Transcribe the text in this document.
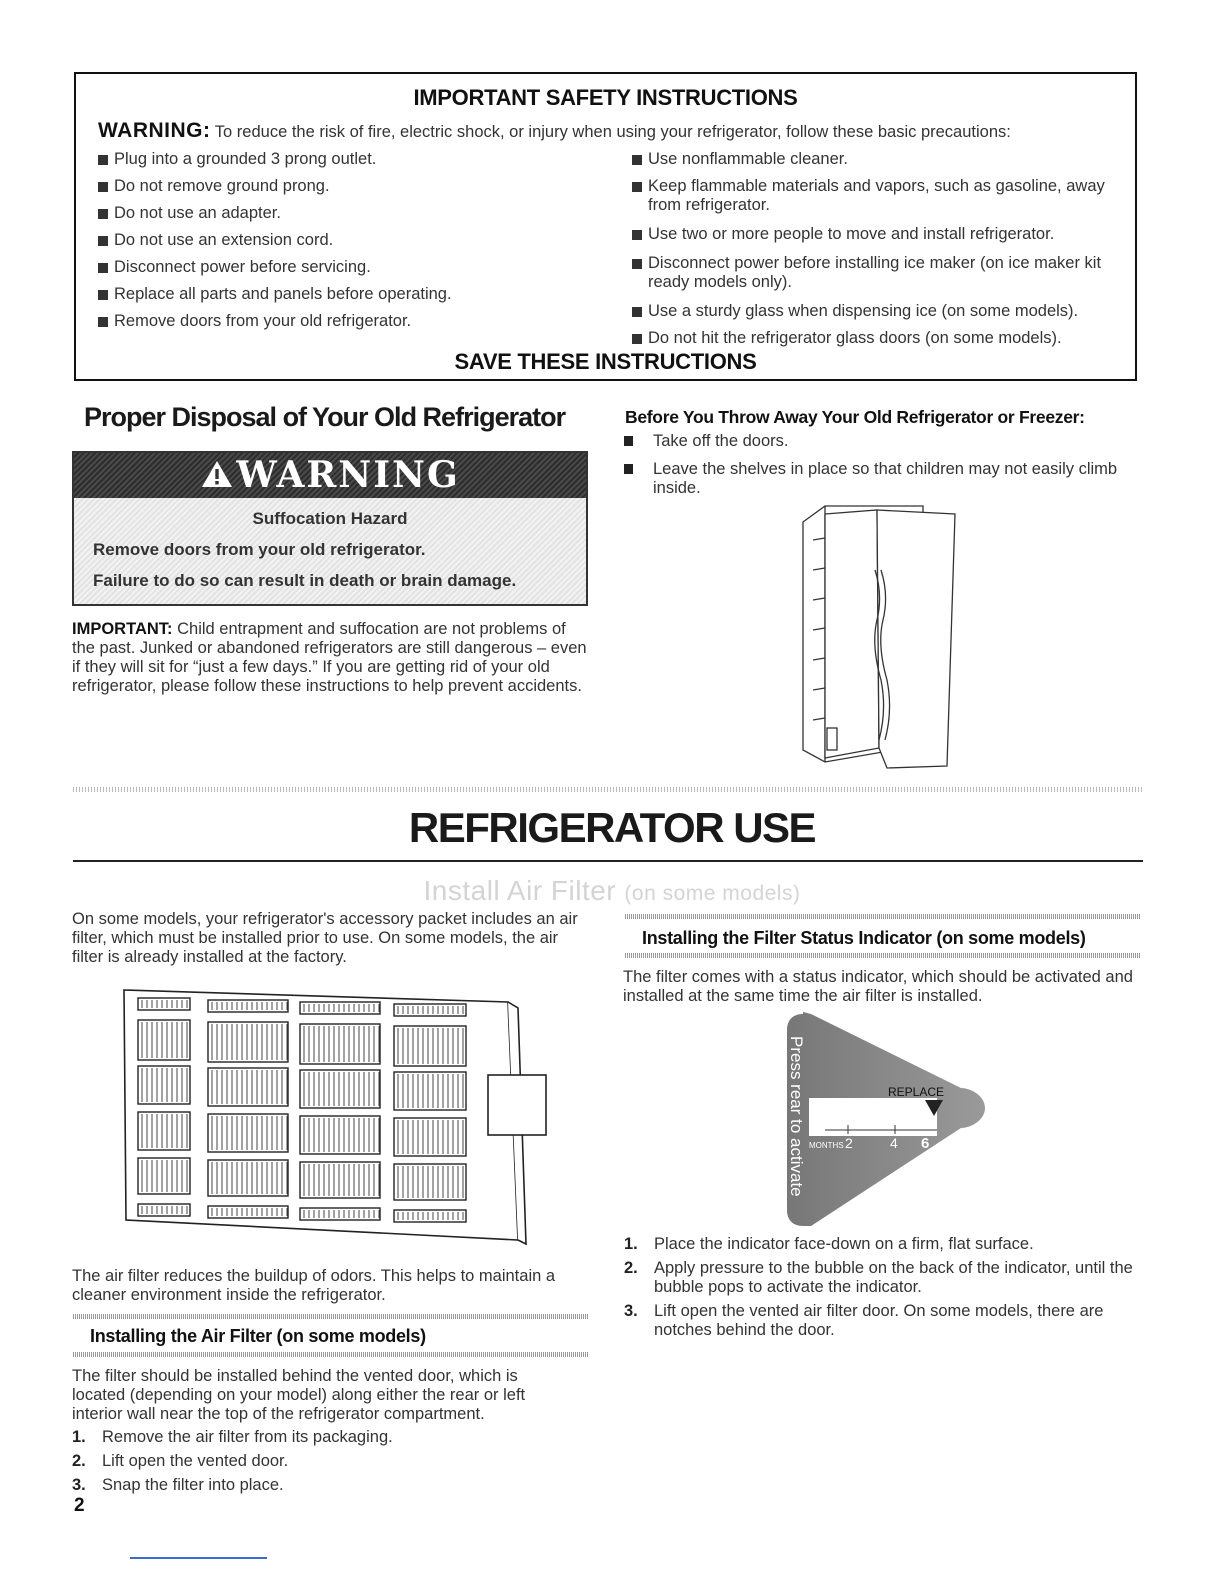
IMPORTANT SAFETY INSTRUCTIONS
WARNING: To reduce the risk of fire, electric shock, or injury when using your refrigerator, follow these basic precautions:
Plug into a grounded 3 prong outlet.
Do not remove ground prong.
Do not use an adapter.
Do not use an extension cord.
Disconnect power before servicing.
Replace all parts and panels before operating.
Remove doors from your old refrigerator.
Use nonflammable cleaner.
Keep flammable materials and vapors, such as gasoline, away from refrigerator.
Use two or more people to move and install refrigerator.
Disconnect power before installing ice maker (on ice maker kit ready models only).
Use a sturdy glass when dispensing ice (on some models).
Do not hit the refrigerator glass doors (on some models).
SAVE THESE INSTRUCTIONS
Proper Disposal of Your Old Refrigerator
WARNING
Suffocation Hazard
Remove doors from your old refrigerator.
Failure to do so can result in death or brain damage.
IMPORTANT: Child entrapment and suffocation are not problems of the past. Junked or abandoned refrigerators are still dangerous – even if they will sit for “just a few days.” If you are getting rid of your old refrigerator, please follow these instructions to help prevent accidents.
Before You Throw Away Your Old Refrigerator or Freezer:
Take off the doors.
Leave the shelves in place so that children may not easily climb inside.
REFRIGERATOR USE
Install Air Filter (on some models)
On some models, your refrigerator's accessory packet includes an air filter, which must be installed prior to use. On some models, the air filter is already installed at the factory.
The air filter reduces the buildup of odors. This helps to maintain a cleaner environment inside the refrigerator.
Installing the Air Filter (on some models)
The filter should be installed behind the vented door, which is located (depending on your model) along either the rear or left interior wall near the top of the refrigerator compartment.
1. Remove the air filter from its packaging.
2. Lift open the vented door.
3. Snap the filter into place.
Installing the Filter Status Indicator (on some models)
The filter comes with a status indicator, which should be activated and installed at the same time the air filter is installed.
REPLACE
MONTHS 2	4 6
Press rear to activate
1. Place the indicator face-down on a firm, flat surface.
2. Apply pressure to the bubble on the back of the indicator, until the bubble pops to activate the indicator.
3. Lift open the vented air filter door. On some models, there are notches behind the door.
2
